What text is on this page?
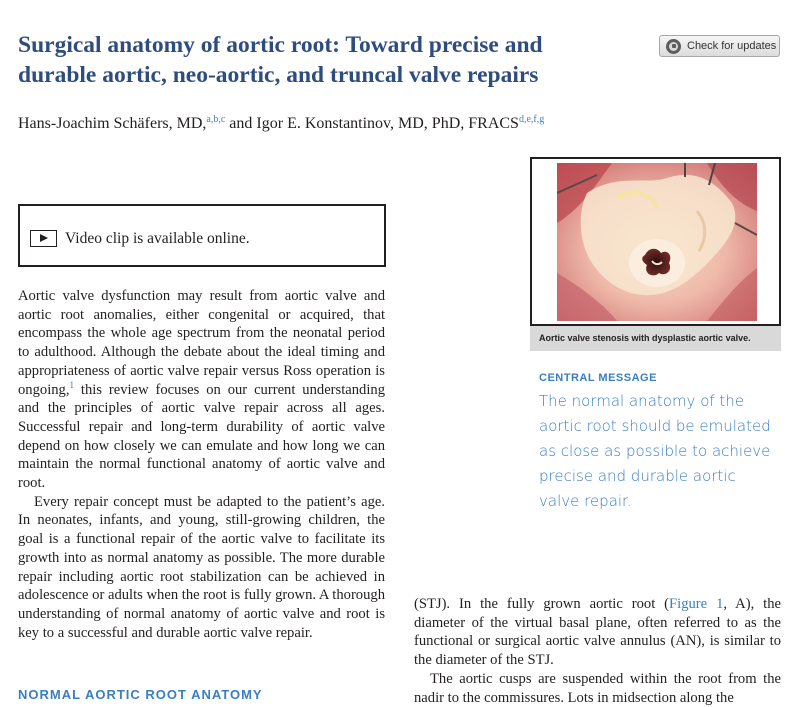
Surgical anatomy of aortic root: Toward precise and durable aortic, neo-aortic, and truncal valve repairs
Check for updates
Hans-Joachim Schäfers, MD,$^{a,b,c}$ and Igor E. Konstantinov, MD, PhD, FRACS$^{d,e,f,g}$
Video clip is available online.

Aortic valve dysfunction may result from aortic valve and aortic root anomalies, either congenital or acquired, that encompass the whole age spectrum from the neonatal period to adulthood. Although the debate about the ideal timing and appropriateness of aortic valve repair versus Ross operation is ongoing,$^1$ this review focuses on our current understanding and the principles of aortic valve repair across all ages. Successful repair and long-term durability of aortic valve depend on how closely we can emulate and how long we can maintain the normal functional anatomy of aortic valve and root.

Every repair concept must be adapted to the patient’s age. In neonates, infants, and young, still-growing children, the goal is a functional repair of the aortic valve to facilitate its growth into as normal anatomy as possible. The more durable repair including aortic root stabilization can be achieved in adolescence or adults when the root is fully grown. A thorough understanding of normal anatomy of aortic valve and root is key to a successful and durable aortic valve repair.

NORMAL AORTIC ROOT ANATOMY
Aortic valve stenosis with dysplastic aortic valve.
CENTRAL MESSAGE

The normal anatomy of the aortic root should be emulated as close as possible to achieve precise and durable aortic valve repair.

(STJ). In the fully grown aortic root (Figure 1, A), the diameter of the virtual basal plane, often referred to as the functional or surgical aortic valve annulus (AN), is similar to the diameter of the STJ.

The aortic cusps are suspended within the root from the nadir to the commissures. Lots in midsection along the
